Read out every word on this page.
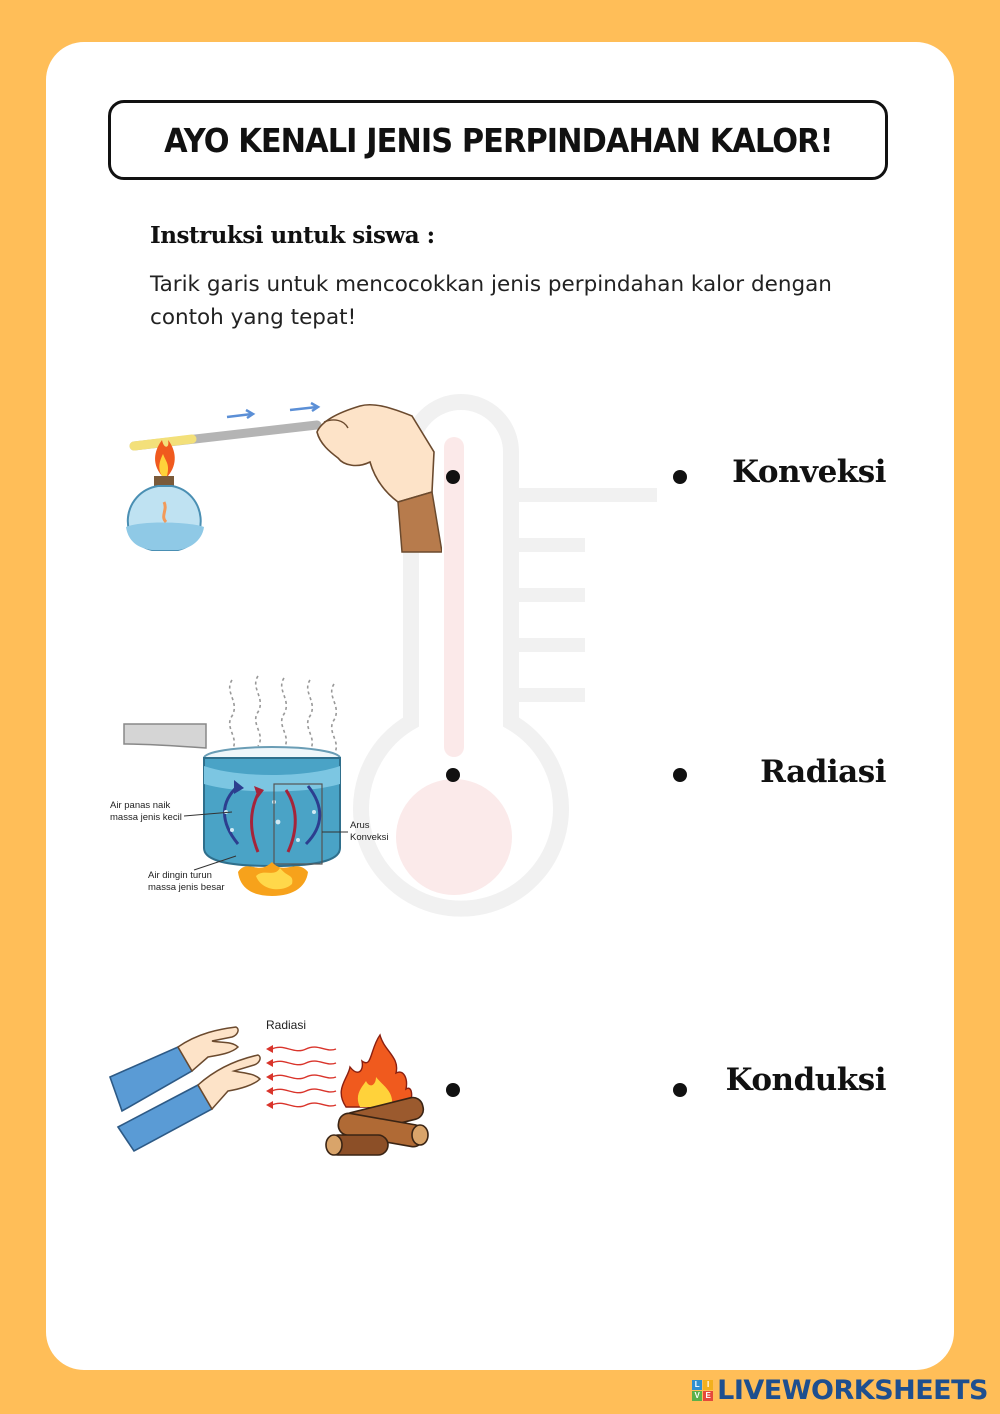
AYO KENALI JENIS PERPINDAHAN KALOR!
Instruksi untuk siswa :
Tarik garis untuk mencocokkan jenis perpindahan kalor dengan contoh yang tepat!
Air panas naik
massa jenis kecil
Arus
Konveksi
Air dingin turun
massa jenis besar
Radiasi
Konveksi
Radiasi
Konduksi
L I
V E LIVEWORKSHEETS
